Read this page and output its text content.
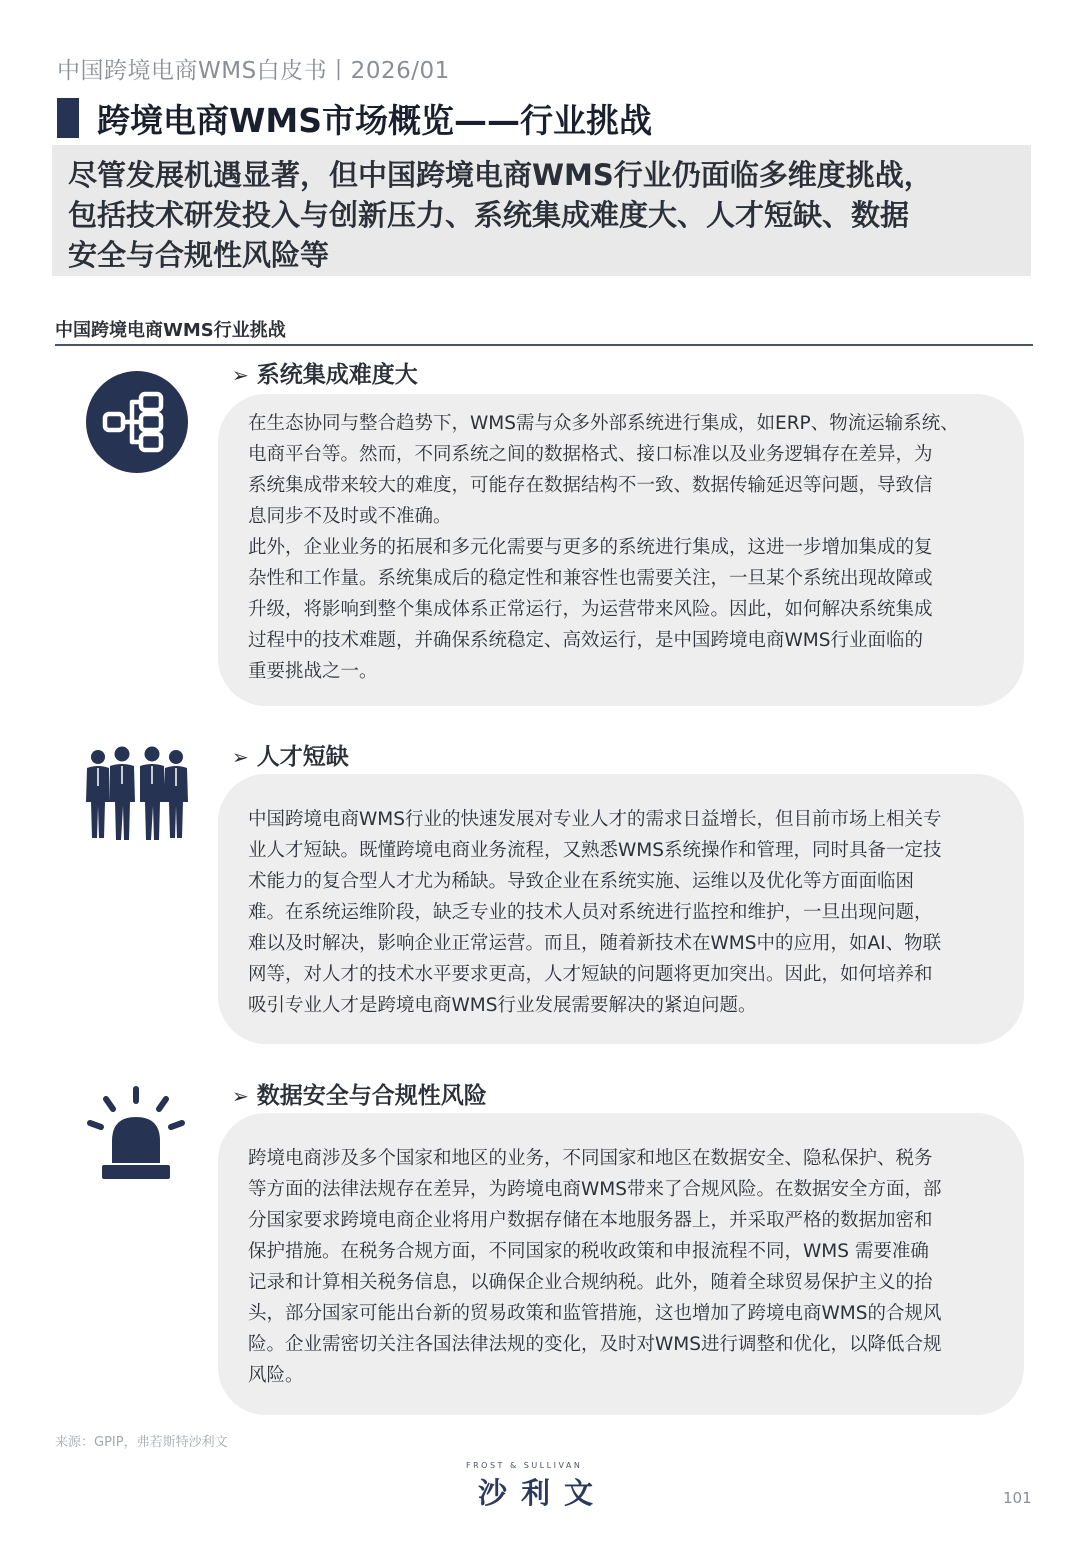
中国跨境电商WMS白皮书丨2026/01
跨境电商WMS市场概览——行业挑战

尽管发展机遇显著，但中国跨境电商WMS行业仍面临多维度挑战，

包括技术研发投入与创新压力、系统集成难度大、人才短缺、数据

安全与合规性风险等

中国跨境电商WMS行业挑战
➢ 系统集成难度大

在生态协同与整合趋势下，WMS需与众多外部系统进行集成，如ERP、物流运输系统、

电商平台等。然而，不同系统之间的数据格式、接口标准以及业务逻辑存在差异，为

系统集成带来较大的难度，可能存在数据结构不一致、数据传输延迟等问题，导致信

息同步不及时或不准确。

此外，企业业务的拓展和多元化需要与更多的系统进行集成，这进一步增加集成的复

杂性和工作量。系统集成后的稳定性和兼容性也需要关注，一旦某个系统出现故障或

升级，将影响到整个集成体系正常运行，为运营带来风险。因此，如何解决系统集成

过程中的技术难题，并确保系统稳定、高效运行，是中国跨境电商WMS行业面临的

重要挑战之一。

➢ 人才短缺

中国跨境电商WMS行业的快速发展对专业人才的需求日益增长，但目前市场上相关专

业人才短缺。既懂跨境电商业务流程，又熟悉WMS系统操作和管理，同时具备一定技

术能力的复合型人才尤为稀缺。导致企业在系统实施、运维以及优化等方面面临困

难。在系统运维阶段，缺乏专业的技术人员对系统进行监控和维护，一旦出现问题，

难以及时解决，影响企业正常运营。而且，随着新技术在WMS中的应用，如AI、物联

网等，对人才的技术水平要求更高，人才短缺的问题将更加突出。因此，如何培养和

吸引专业人才是跨境电商WMS行业发展需要解决的紧迫问题。

➢ 数据安全与合规性风险

跨境电商涉及多个国家和地区的业务，不同国家和地区在数据安全、隐私保护、税务

等方面的法律法规存在差异，为跨境电商WMS带来了合规风险。在数据安全方面，部

分国家要求跨境电商企业将用户数据存储在本地服务器上，并采取严格的数据加密和

保护措施。在税务合规方面，不同国家的税收政策和申报流程不同，WMS 需要准确

记录和计算相关税务信息，以确保企业合规纳税。此外，随着全球贸易保护主义的抬

头，部分国家可能出台新的贸易政策和监管措施，这也增加了跨境电商WMS的合规风

险。企业需密切关注各国法律法规的变化，及时对WMS进行调整和优化，以降低合规

风险。

来源：GPIP，弗若斯特沙利文
FROST & SULLIVAN
沙利文	101
